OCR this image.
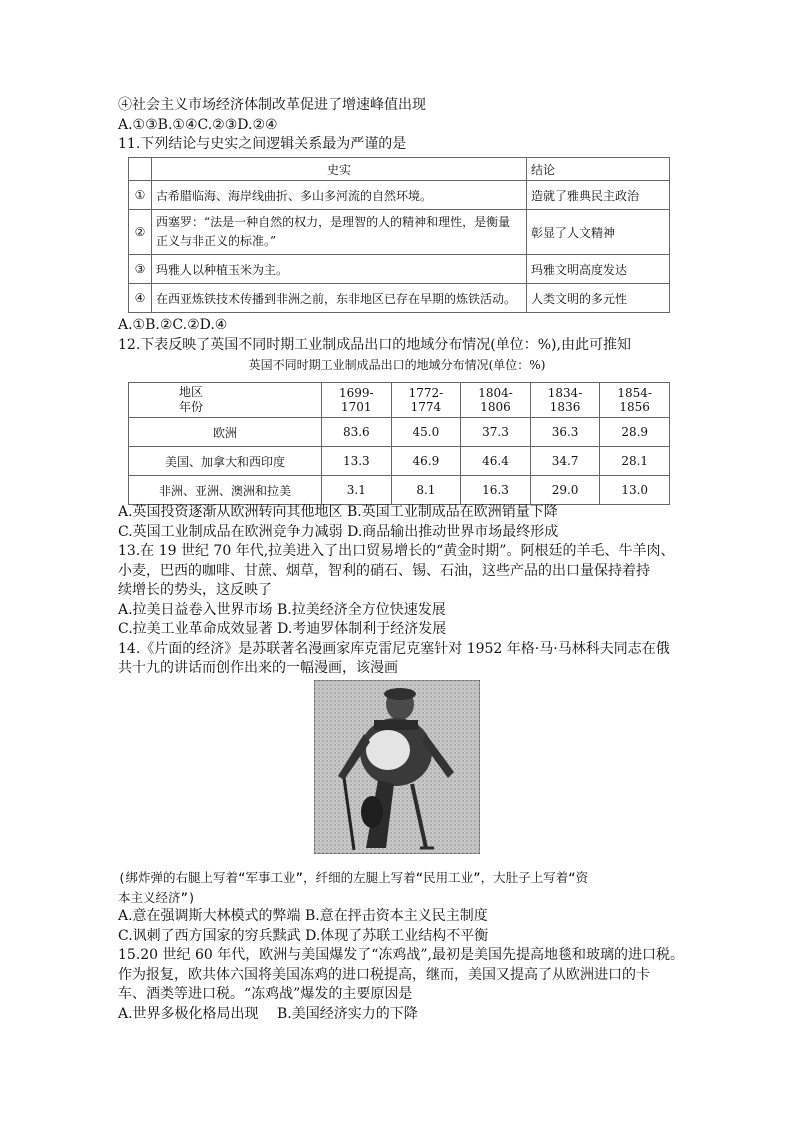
④社会主义市场经济体制改革促进了增速峰值出现
A.①③B.①④C.②③D.②④
11.下列结论与史实之间逻辑关系最为严谨的是
	史实	结论
①	古希腊临海、海岸线曲折、多山多河流的自然环境。	造就了雅典民主政治
②	西塞罗：“法是一种自然的权力，是理智的人的精神和理性，是衡量正义与非正义的标准。”	彰显了人文精神
③	玛雅人以种植玉米为主。	玛雅文明高度发达
④	在西亚炼铁技术传播到非洲之前，东非地区已存在早期的炼铁活动。	人类文明的多元性
A.①B.②C.②D.④
12.下表反映了英国不同时期工业制成品出口的地域分布情况(单位：%),由此可推知
英国不同时期工业制成品出口的地域分布情况(单位：%)
地区
年份	1699-1701	1772-1774	1804-1806	1834-1836	1854-1856
欧洲	83.6	45.0	37.3	36.3	28.9
美国、加拿大和西印度	13.3	46.9	46.4	34.7	28.1
非洲、亚洲、澳洲和拉美	3.1	8.1	16.3	29.0	13.0
A.英国投资逐渐从欧洲转向其他地区 B.英国工业制成品在欧洲销量下降
C.英国工业制成品在欧洲竞争力减弱 D.商品输出推动世界市场最终形成
13.在 19 世纪 70 年代,拉美进入了出口贸易增长的“黄金时期”。阿根廷的羊毛、牛羊肉、
小麦，巴西的咖啡、甘蔗、烟草，智利的硝石、锡、石油，这些产品的出口量保持着持
续增长的势头，这反映了
A.拉美日益卷入世界市场 B.拉美经济全方位快速发展
C.拉美工业革命成效显著 D.考迪罗体制利于经济发展
14.《片面的经济》是苏联著名漫画家库克雷尼克塞针对 1952 年格·马·马林科夫同志在俄
共十九的讲话而创作出来的一幅漫画，该漫画
(绑炸弹的右腿上写着“军事工业”，纤细的左腿上写着“民用工业”，大肚子上写着“资
本主义经济”)
A.意在强调斯大林模式的弊端 B.意在抨击资本主义民主制度
C.讽刺了西方国家的穷兵黩武 D.体现了苏联工业结构不平衡
15.20 世纪 60 年代，欧洲与美国爆发了“冻鸡战”,最初是美国先提高地毯和玻璃的进口税。
作为报复，欧共体六国将美国冻鸡的进口税提高，继而，美国又提高了从欧洲进口的卡
车、酒类等进口税。“冻鸡战”爆发的主要原因是
A.世界多极化格局出现　 B.美国经济实力的下降
